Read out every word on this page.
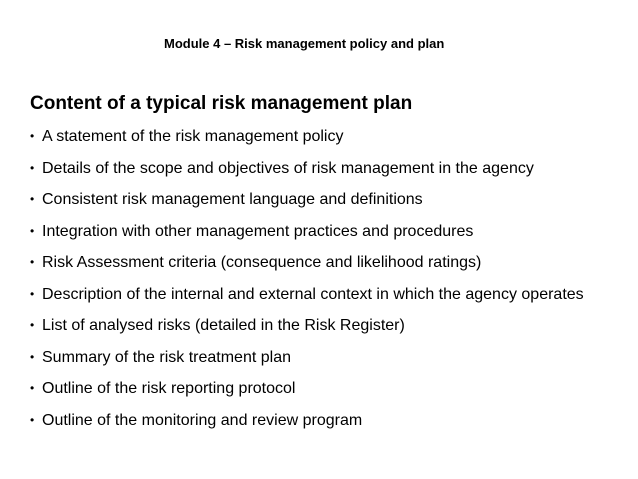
Module 4 – Risk management policy and plan
Content of a typical risk management plan
• A statement of the risk management policy
• Details of the scope and objectives of risk management in the agency
• Consistent risk management language and definitions
• Integration with other management practices and procedures
• Risk Assessment criteria (consequence and likelihood ratings)
• Description of the internal and external context in which the agency operates
• List of analysed risks (detailed in the Risk Register)
• Summary of the risk treatment plan
• Outline of the risk reporting protocol
• Outline of the monitoring and review program
